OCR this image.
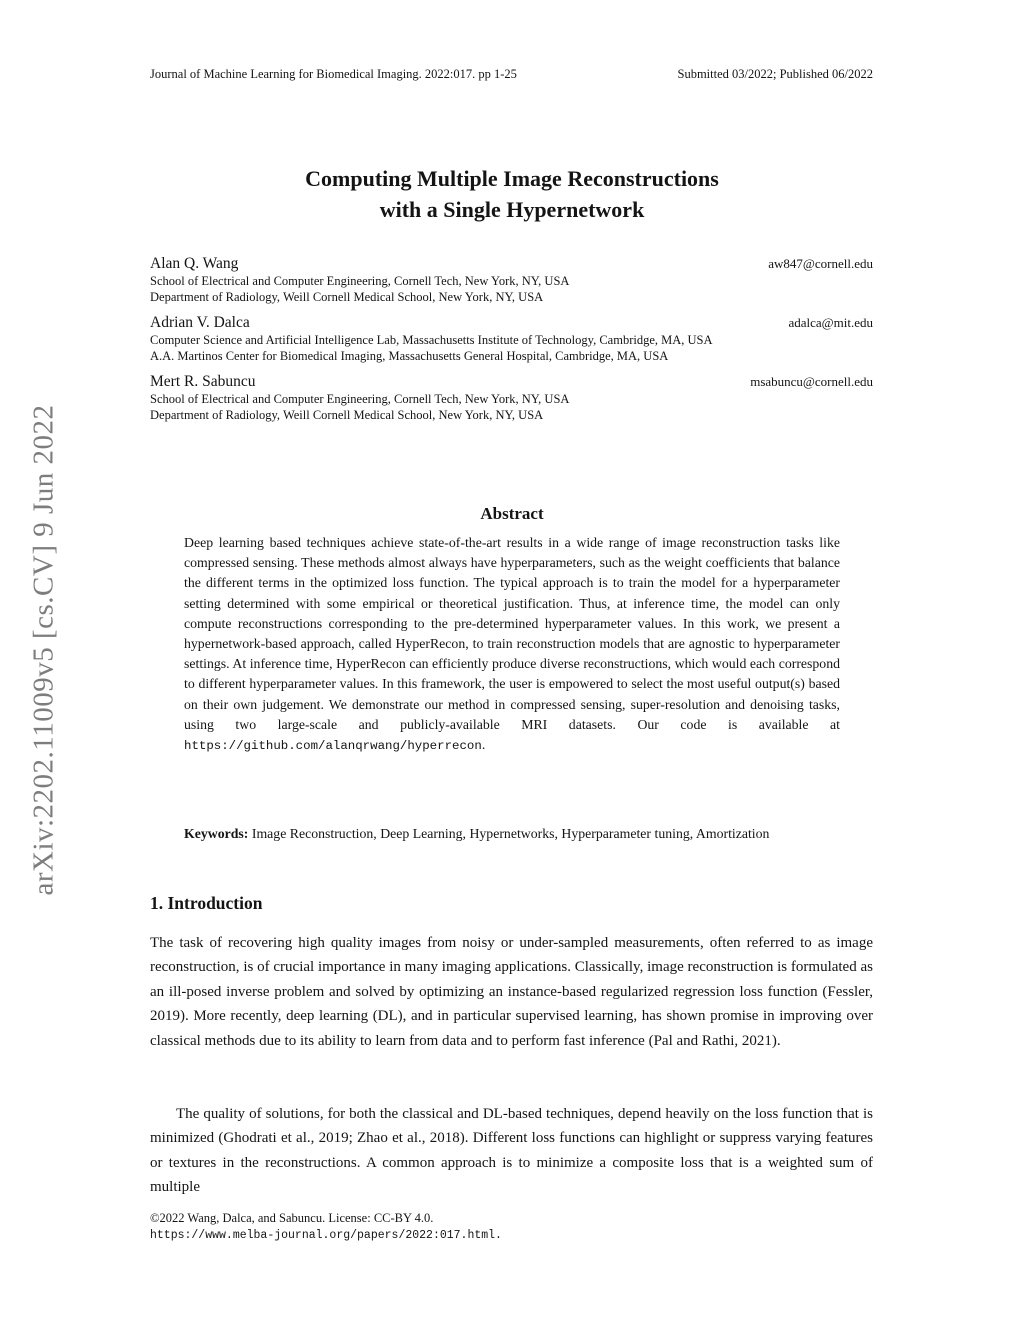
arXiv:2202.11009v5 [cs.CV] 9 Jun 2022
Journal of Machine Learning for Biomedical Imaging. 2022:017. pp 1-25	Submitted 03/2022; Published 06/2022
Computing Multiple Image Reconstructions
with a Single Hypernetwork
Alan Q. Wang	aw847@cornell.edu
School of Electrical and Computer Engineering, Cornell Tech, New York, NY, USA
Department of Radiology, Weill Cornell Medical School, New York, NY, USA
Adrian V. Dalca	adalca@mit.edu
Computer Science and Artificial Intelligence Lab, Massachusetts Institute of Technology, Cambridge, MA, USA
A.A. Martinos Center for Biomedical Imaging, Massachusetts General Hospital, Cambridge, MA, USA
Mert R. Sabuncu	msabuncu@cornell.edu
School of Electrical and Computer Engineering, Cornell Tech, New York, NY, USA
Department of Radiology, Weill Cornell Medical School, New York, NY, USA
Abstract

Deep learning based techniques achieve state-of-the-art results in a wide range of image reconstruction tasks like compressed sensing. These methods almost always have hyperparameters, such as the weight coefficients that balance the different terms in the optimized loss function. The typical approach is to train the model for a hyperparameter setting determined with some empirical or theoretical justification. Thus, at inference time, the model can only compute reconstructions corresponding to the pre-determined hyperparameter values. In this work, we present a hypernetwork-based approach, called HyperRecon, to train reconstruction models that are agnostic to hyperparameter settings. At inference time, HyperRecon can efficiently produce diverse reconstructions, which would each correspond to different hyperparameter values. In this framework, the user is empowered to select the most useful output(s) based on their own judgement. We demonstrate our method in compressed sensing, super-resolution and denoising tasks, using two large-scale and publicly-available MRI datasets. Our code is available at https://github.com/alanqrwang/hyperrecon.

Keywords: Image Reconstruction, Deep Learning, Hypernetworks, Hyperparameter tuning, Amortization

1. Introduction

The task of recovering high quality images from noisy or under-sampled measurements, often referred to as image reconstruction, is of crucial importance in many imaging applications. Classically, image reconstruction is formulated as an ill-posed inverse problem and solved by optimizing an instance-based regularized regression loss function (Fessler, 2019). More recently, deep learning (DL), and in particular supervised learning, has shown promise in improving over classical methods due to its ability to learn from data and to perform fast inference (Pal and Rathi, 2021).

The quality of solutions, for both the classical and DL-based techniques, depend heavily on the loss function that is minimized (Ghodrati et al., 2019; Zhao et al., 2018). Different loss functions can highlight or suppress varying features or textures in the reconstructions. A common approach is to minimize a composite loss that is a weighted sum of multiple

©2022 Wang, Dalca, and Sabuncu. License: CC-BY 4.0.
https://www.melba-journal.org/papers/2022:017.html.
